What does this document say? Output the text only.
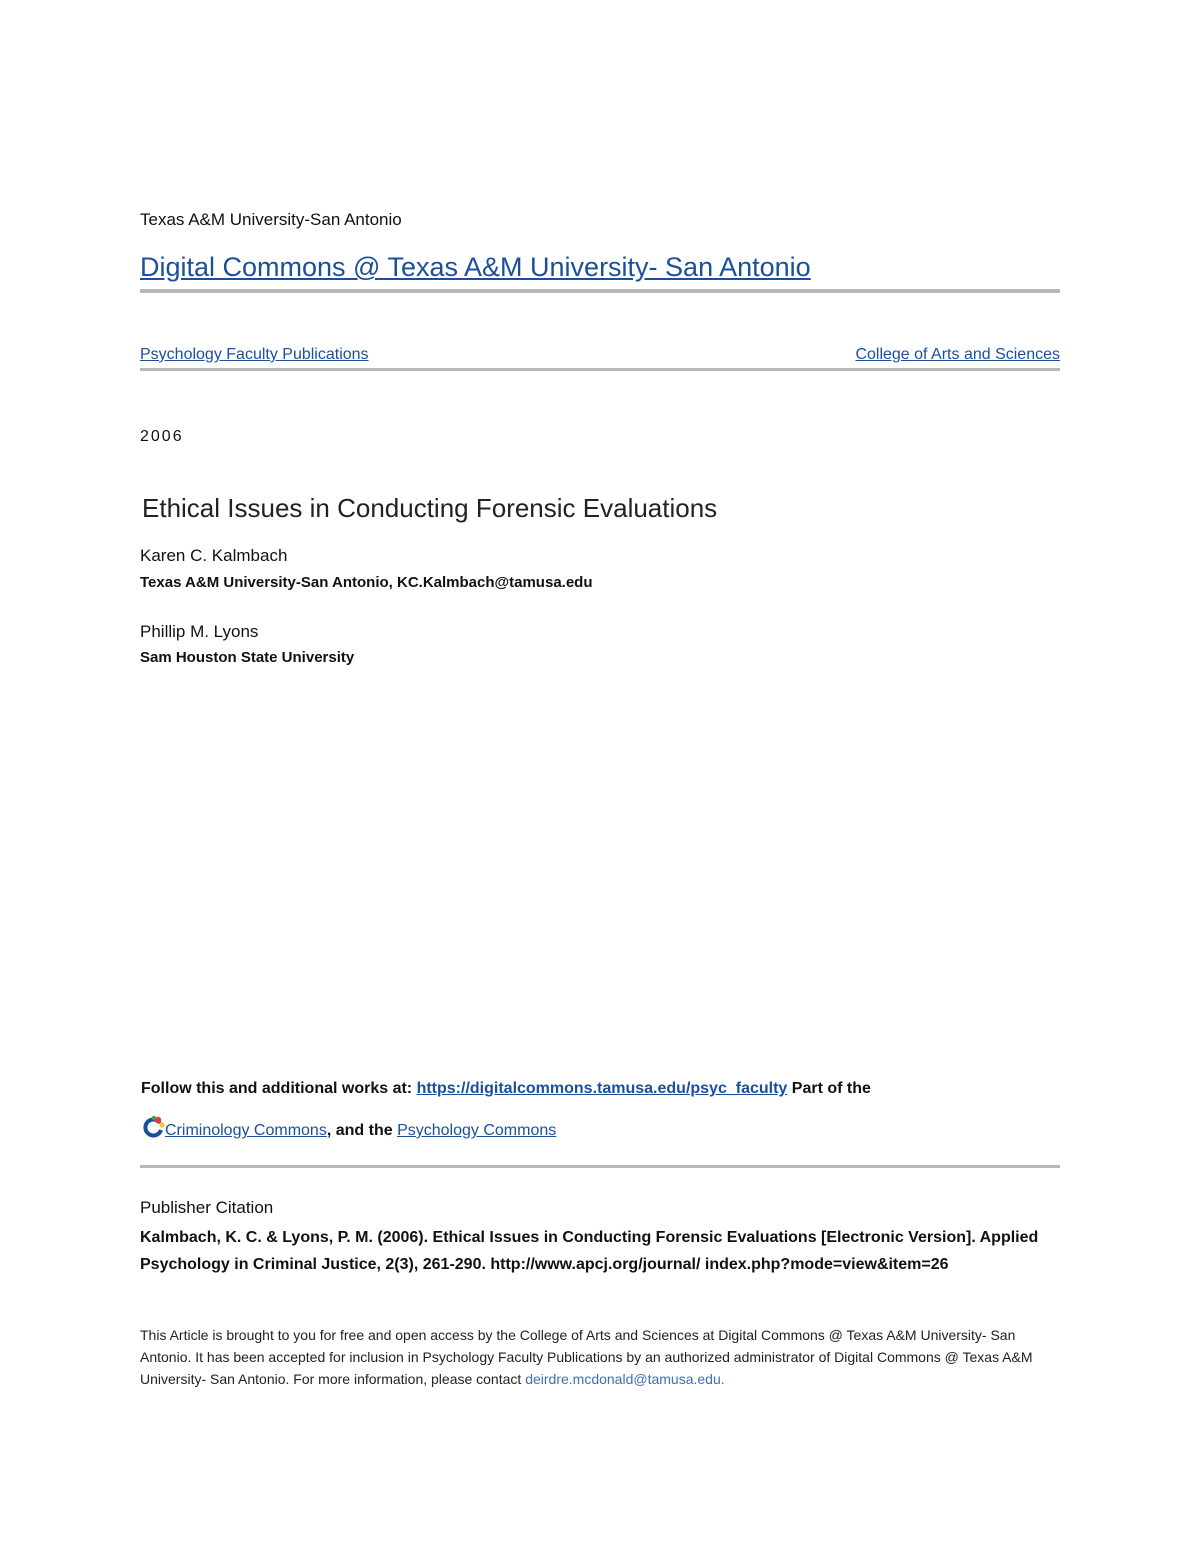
Texas A&M University-San Antonio
Digital Commons @ Texas A&M University- San Antonio
Psychology Faculty Publications	College of Arts and Sciences
2006
Ethical Issues in Conducting Forensic Evaluations
Karen C. Kalmbach
Texas A&M University-San Antonio, KC.Kalmbach@tamusa.edu
Phillip M. Lyons
Sam Houston State University
Follow this and additional works at: https://digitalcommons.tamusa.edu/psyc_faculty Part of the
Criminology Commons, and the Psychology Commons
Publisher Citation
Kalmbach, K. C. & Lyons, P. M. (2006). Ethical Issues in Conducting Forensic Evaluations [Electronic Version]. Applied Psychology in Criminal Justice, 2(3), 261-290. http://www.apcj.org/journal/ index.php?mode=view&item=26
This Article is brought to you for free and open access by the College of Arts and Sciences at Digital Commons @ Texas A&M University- San Antonio. It has been accepted for inclusion in Psychology Faculty Publications by an authorized administrator of Digital Commons @ Texas A&M University- San Antonio. For more information, please contact deirdre.mcdonald@tamusa.edu.
